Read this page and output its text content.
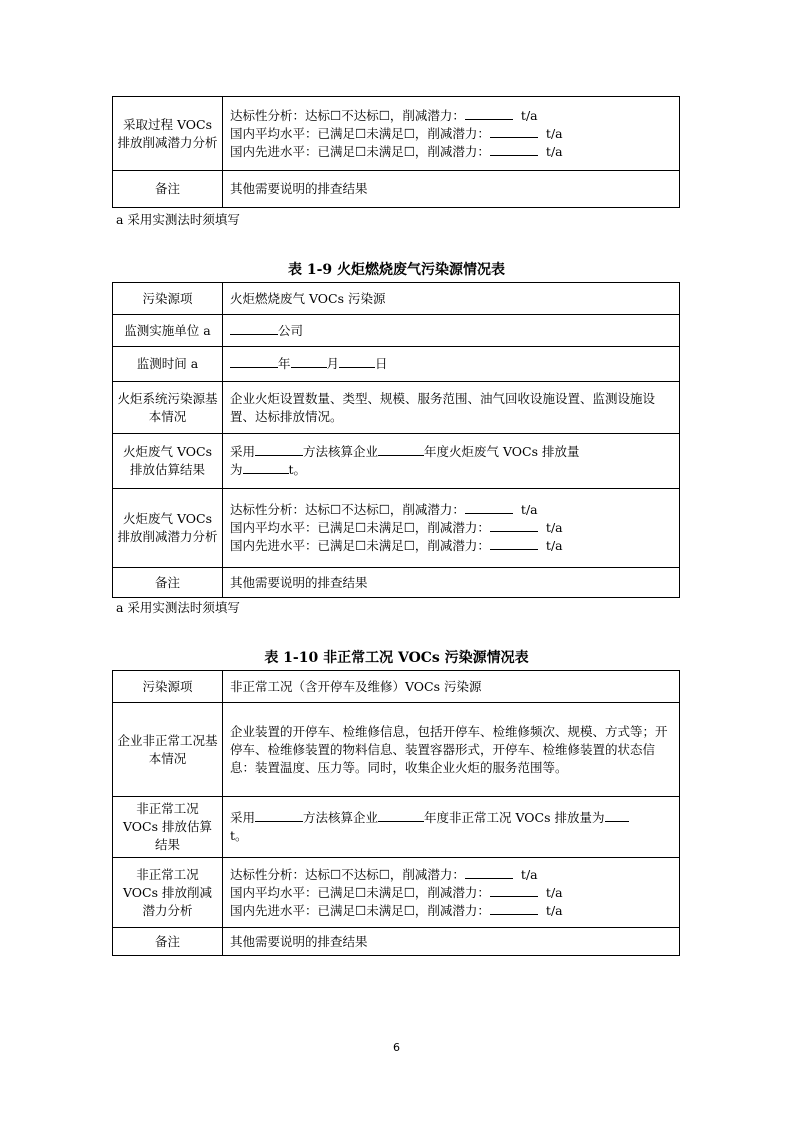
采取过程 VOCs 排放削减潜力分析	达标性分析：达标☐不达标☐，削减潜力： t/a
国内平均水平：已满足☐未满足☐，削减潜力： t/a
国内先进水平：已满足☐未满足☐，削减潜力： t/a

备注	其他需要说明的排查结果
a 采用实测法时须填写
表 1-9 火炬燃烧废气污染源情况表
污染源项	火炬燃烧废气 VOCs 污染源
监测实施单位 a	公司
监测时间 a	年 月 日
火炬系统污染源基本情况	企业火炬设置数量、类型、规模、服务范围、油气回收设施设置、监测设施设置、达标排放情况。
火炬废气 VOCs 排放估算结果	采用 方法核算企业 年度火炬废气 VOCs 排放量
为 t。

火炬废气 VOCs 排放削减潜力分析	达标性分析：达标☐不达标☐，削减潜力： t/a
国内平均水平：已满足☐未满足☐，削减潜力： t/a
国内先进水平：已满足☐未满足☐，削减潜力： t/a

备注	其他需要说明的排查结果
a 采用实测法时须填写
表 1-10 非正常工况 VOCs 污染源情况表
污染源项	非正常工况（含开停车及维修）VOCs 污染源
企业非正常工况基本情况	企业装置的开停车、检维修信息，包括开停车、检维修频次、规模、方式等；开停车、检维修装置的物料信息、装置容器形式，开停车、检维修装置的状态信息：装置温度、压力等。同时，收集企业火炬的服务范围等。
非正常工况 VOCs 排放估算结果	采用 方法核算企业 年度非正常工况 VOCs 排放量为
t。

非正常工况 VOCs 排放削减潜力分析	达标性分析：达标☐不达标☐，削减潜力： t/a
国内平均水平：已满足☐未满足☐，削减潜力： t/a
国内先进水平：已满足☐未满足☐，削减潜力： t/a

备注	其他需要说明的排查结果
6
